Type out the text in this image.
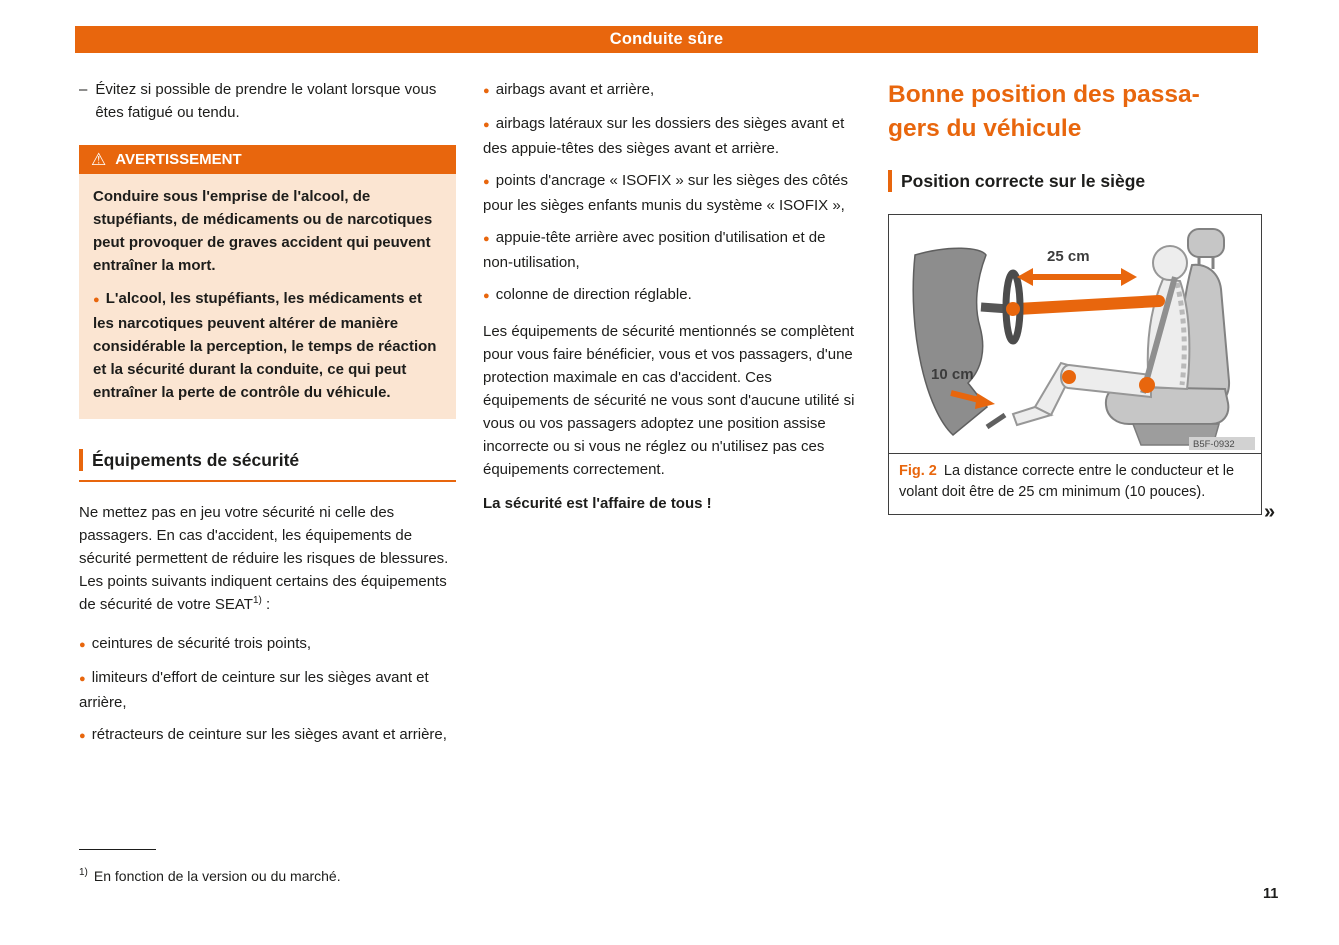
Conduite sûre
– Évitez si possible de prendre le volant lorsque vous êtes fatigué ou tendu.
⚠ AVERTISSEMENT

Conduire sous l'emprise de l'alcool, de stupéfiants, de médicaments ou de narcotiques peut provoquer de graves accident qui peuvent entraîner la mort.

●  L'alcool, les stupéfiants, les médicaments et les narcotiques peuvent altérer de manière considérable la perception, le temps de réaction et la sécurité durant la conduite, ce qui peut entraîner la perte de contrôle du véhicule.
Équipements de sécurité

Ne mettez pas en jeu votre sécurité ni celle des passagers. En cas d'accident, les équipements de sécurité permettent de réduire les risques de blessures. Les points suivants indiquent certains des équipements de sécurité de votre SEAT$^{1)}$ :

●  ceintures de sécurité trois points,
●  limiteurs d'effort de ceinture sur les sièges avant et arrière,
●  rétracteurs de ceinture sur les sièges avant et arrière,
●  airbags avant et arrière,
●  airbags latéraux sur les dossiers des sièges avant et des appuie-têtes des sièges avant et arrière.
●  points d'ancrage « ISOFIX » sur les sièges des côtés pour les sièges enfants munis du système « ISOFIX »,
●  appuie-tête arrière avec position d'utilisation et de non-utilisation,
●  colonne de direction réglable.

Les équipements de sécurité mentionnés se complètent pour vous faire bénéficier, vous et vos passagers, d'une protection maximale en cas d'accident. Ces équipements de sécurité ne vous sont d'aucune utilité si vous ou vos passagers adoptez une position assise incorrecte ou si vous ne réglez ou n'utilisez pas ces équipements correctement.

La sécurité est l'affaire de tous !

Bonne position des passagers du véhicule
Position correcte sur le siège
25 cm
10 cm
B5F-0932
Fig. 2 La distance correcte entre le conducteur et le volant doit être de 25 cm minimum (10 pouces).
»

$^{1)}$ En fonction de la version ou du marché.

11
